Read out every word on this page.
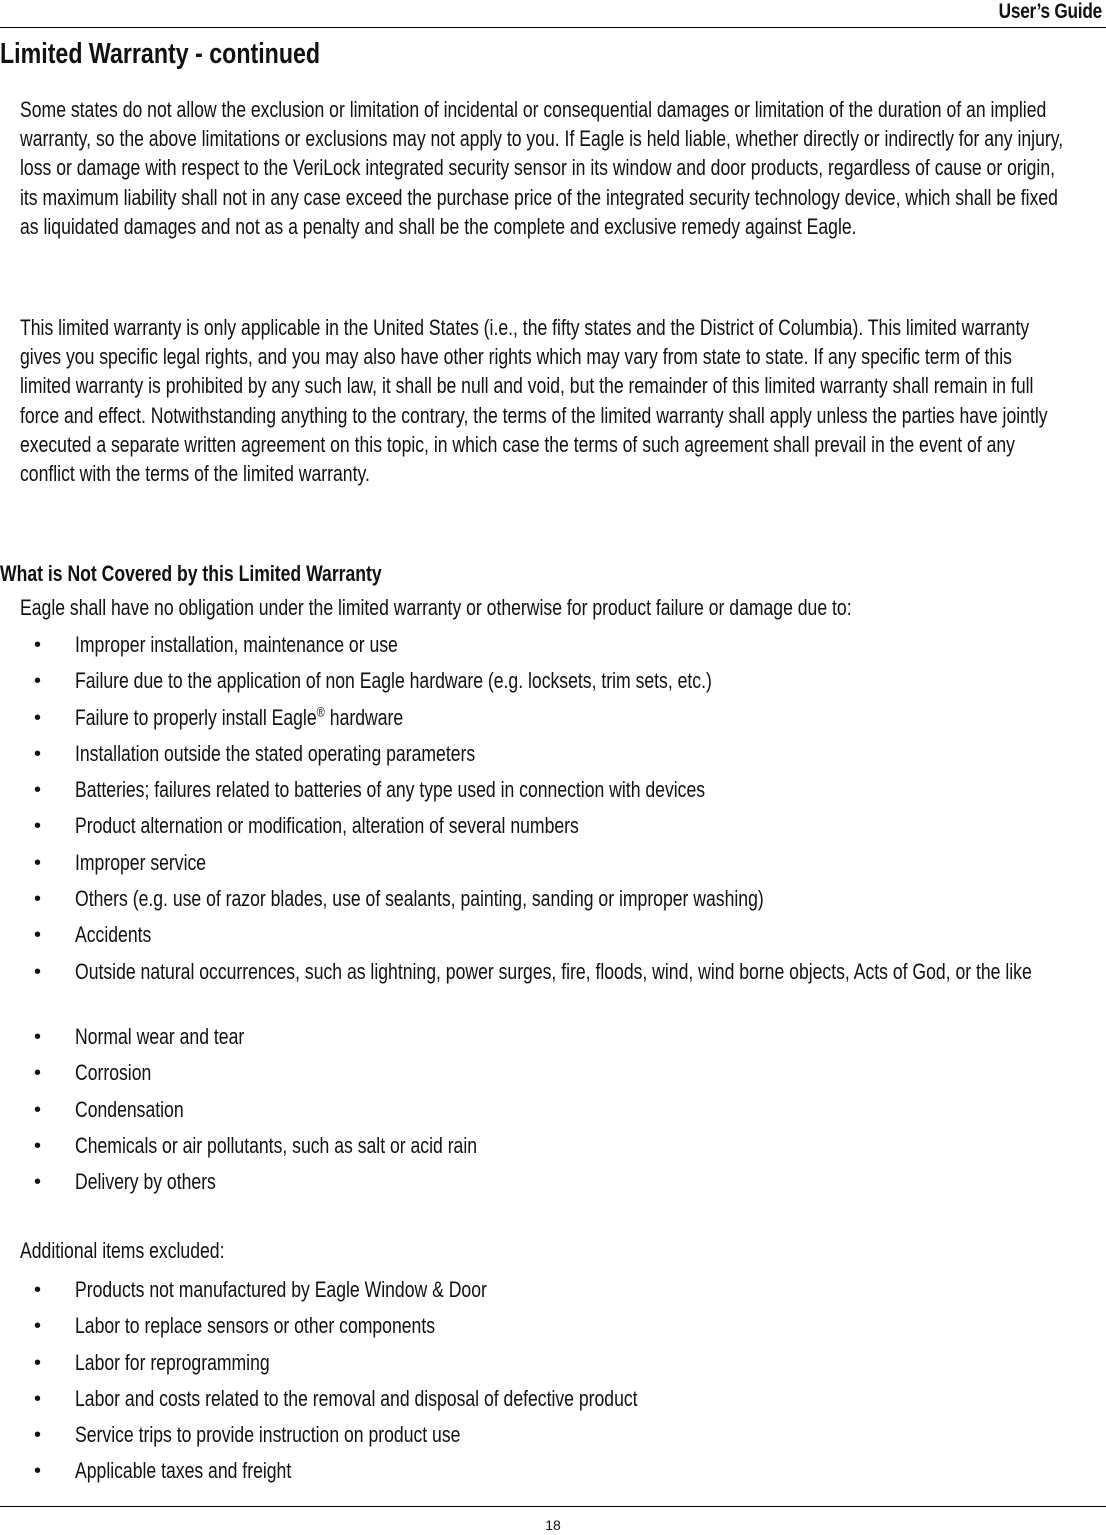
User’s Guide
Limited Warranty - continued

Some states do not allow the exclusion or limitation of incidental or consequential damages or limitation of the duration of an implied warranty, so the above limitations or exclusions may not apply to you. If Eagle is held liable, whether directly or indirectly for any injury, loss or damage with respect to the VeriLock integrated security sensor in its window and door products, regardless of cause or origin, its maximum liability shall not in any case exceed the purchase price of the integrated security technology device, which shall be fixed as liquidated damages and not as a penalty and shall be the complete and exclusive remedy against Eagle.

This limited warranty is only applicable in the United States (i.e., the fifty states and the District of Columbia). This limited warranty gives you specific legal rights, and you may also have other rights which may vary from state to state. If any specific term of this limited warranty is prohibited by any such law, it shall be null and void, but the remainder of this limited warranty shall remain in full force and effect. Notwithstanding anything to the contrary, the terms of the limited warranty shall apply unless the parties have jointly executed a separate written agreement on this topic, in which case the terms of such agreement shall prevail in the event of any conflict with the terms of the limited warranty.

What is Not Covered by this Limited Warranty
Eagle shall have no obligation under the limited warranty or otherwise for product failure or damage due to:
• Improper installation, maintenance or use
• Failure due to the application of non Eagle hardware (e.g. locksets, trim sets, etc.)
• Failure to properly install Eagle® hardware
• Installation outside the stated operating parameters
• Batteries; failures related to batteries of any type used in connection with devices
• Product alternation or modification, alteration of several numbers
• Improper service
• Others (e.g. use of razor blades, use of sealants, painting, sanding or improper washing)
• Accidents
• Outside natural occurrences, such as lightning, power surges, fire, floods, wind, wind borne objects, Acts of God, or the like
• Normal wear and tear
• Corrosion
• Condensation
• Chemicals or air pollutants, such as salt or acid rain
• Delivery by others
Additional items excluded:
• Products not manufactured by Eagle Window & Door
• Labor to replace sensors or other components
• Labor for reprogramming
• Labor and costs related to the removal and disposal of defective product
• Service trips to provide instruction on product use
• Applicable taxes and freight
18
